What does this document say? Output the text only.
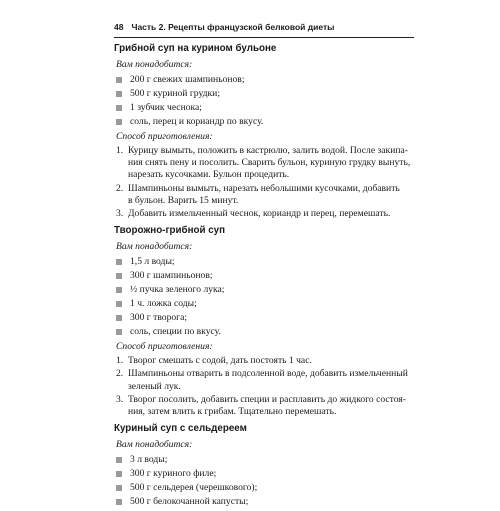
48 Часть 2. Рецепты французской белковой диеты
Грибной суп на курином бульоне
Вам понадобится:
200 г свежих шампиньонов;
500 г куриной грудки;
1 зубчик чеснока;
соль, перец и кориандр по вкусу.
Способ приготовления:
1. Курицу вымыть, положить в кастрюлю, залить водой. После закипа-
ния снять пену и посолить. Сварить бульон, куриную грудку вынуть,
нарезать кусочками. Бульон процедить.
2. Шампиньоны вымыть, нарезать небольшими кусочками, добавить
в бульон. Варить 15 минут.
3. Добавить измельченный чеснок, кориандр и перец, перемешать.
Творожно-грибной суп
Вам понадобится:
1,5 л воды;
300 г шампиньонов;
½ пучка зеленого лука;
1 ч. ложка соды;
300 г творога;
соль, специи по вкусу.
Способ приготовления:
1. Творог смешать с содой, дать постоять 1 час.
2. Шампиньоны отварить в подсоленной воде, добавить измельченный
зеленый лук.
3. Творог посолить, добавить специи и расплавить до жидкого состоя-
ния, затем влить к грибам. Тщательно перемешать.
Куриный суп с сельдереем
Вам понадобится:
3 л воды;
300 г куриного филе;
500 г сельдерея (черешкового);
500 г белокочанной капусты;
